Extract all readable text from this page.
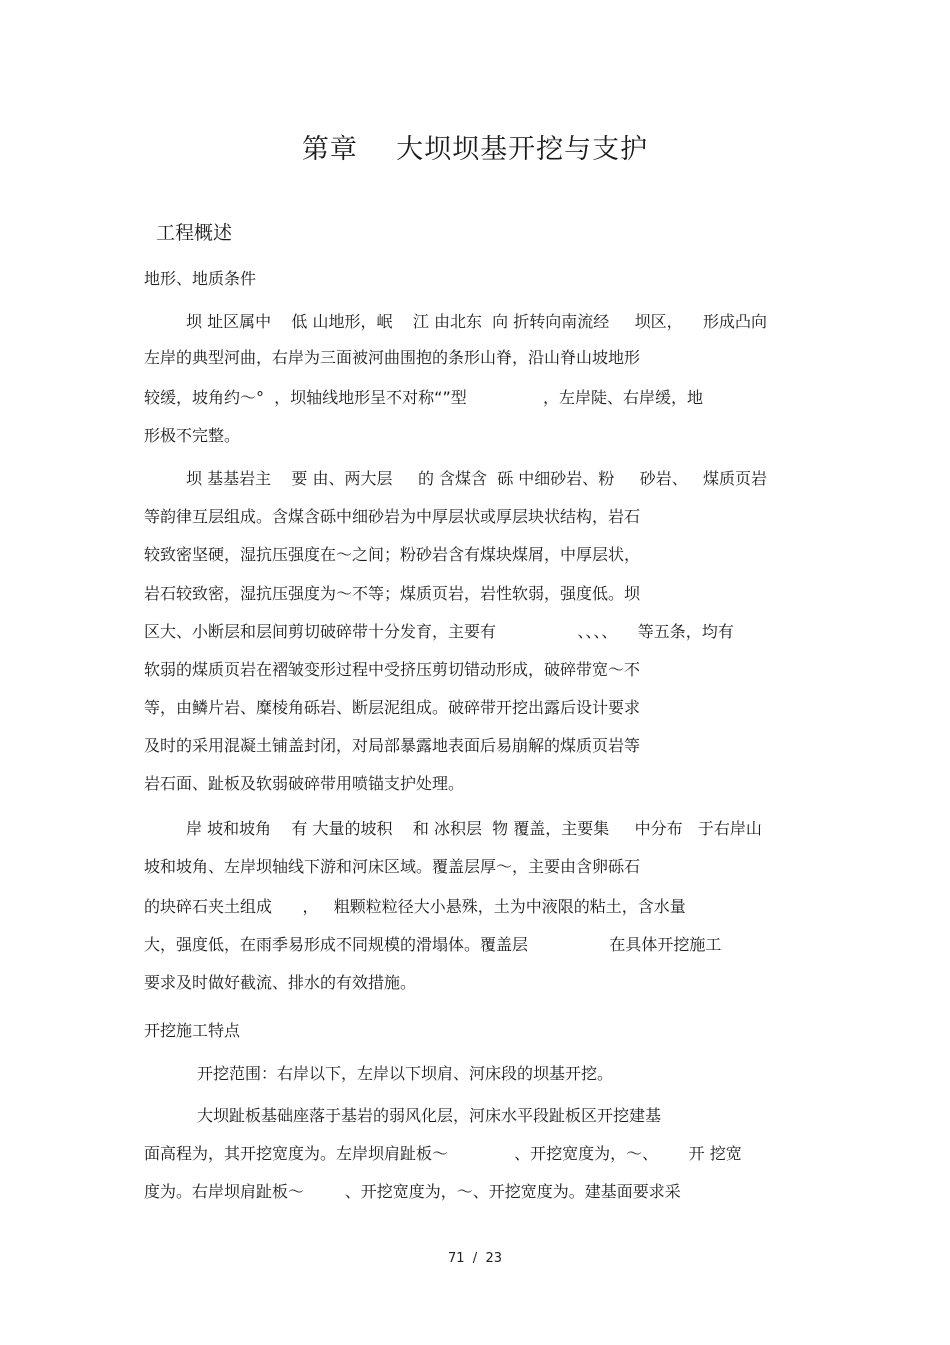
第章    大坝坝基开挖与支护
工程概述
地形、地质条件
坝 址区属中    低 山地形，岷    江 由北东  向 折转向南流经     坝区，    形成凸向
左岸的典型河曲，右岸为三面被河曲围抱的条形山脊，沿山脊山坡地形
较缓，坡角约～°  ，坝轴线地形呈不对称“”型               ，左岸陡、右岸缓，地
形极不完整。
坝 基基岩主    要 由、两大层     的 含煤含  砾 中细砂岩、粉     砂岩、   煤质页岩
等韵律互层组成。含煤含砾中细砂岩为中厚层状或厚层块状结构，岩石
较致密坚硬，湿抗压强度在～之间；粉砂岩含有煤块煤屑，中厚层状，
岩石较致密，湿抗压强度为～不等；煤质页岩，岩性软弱，强度低。坝
区大、小断层和层间剪切破碎带十分发育，主要有                、、、、    等五条，均有
软弱的煤质页岩在褶皱变形过程中受挤压剪切错动形成，破碎带宽～不
等，由鳞片岩、糜棱角砾岩、断层泥组成。破碎带开挖出露后设计要求
及时的采用混凝土铺盖封闭，对局部暴露地表面后易崩解的煤质页岩等
岩石面、趾板及软弱破碎带用喷锚支护处理。
岸 坡和坡角    有 大量的坡积    和 冰积层  物 覆盖，主要集     中分布   于右岸山
坡和坡角、左岸坝轴线下游和河床区域。覆盖层厚～，主要由含卵砾石
的块碎石夹土组成      ，   粗颗粒粒径大小悬殊，土为中液限的粘土，含水量
大，强度低，在雨季易形成不同规模的滑塌体。覆盖层                在具体开挖施工
要求及时做好截流、排水的有效措施。
开挖施工特点
开挖范围：右岸以下，左岸以下坝肩、河床段的坝基开挖。
大坝趾板基础座落于基岩的弱风化层，河床水平段趾板区开挖建基
面高程为，其开挖宽度为。左岸坝肩趾板～             、开挖宽度为，～、      开 挖宽
度为。右岸坝肩趾板～        、开挖宽度为，～、开挖宽度为。建基面要求采
71  /  23
